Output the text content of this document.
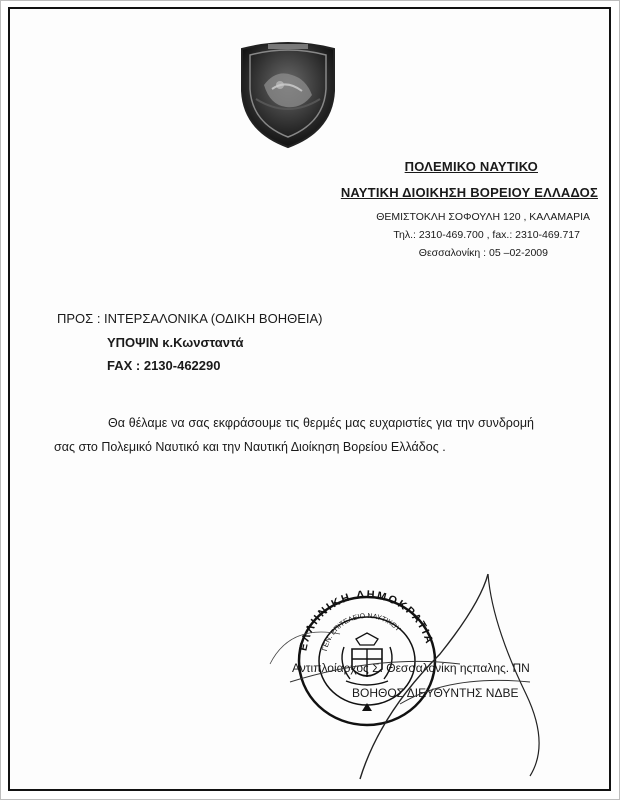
ΠΟΛΕΜΙΚΟ ΝΑΥΤΙΚΟ
ΝΑΥΤΙΚΗ ΔΙΟΙΚΗΣΗ ΒΟΡΕΙΟΥ ΕΛΛΑΔΟΣ
ΘΕΜΙΣΤΟΚΛΗ ΣΟΦΟΥΛΗ 120 , ΚΑΛΑΜΑΡΙΑ
Τηλ.: 2310-469.700 , fax.: 2310-469.717
Θεσσαλονίκη : 05 –02-2009
ΠΡΟΣ : ΙΝΤΕΡΣΑΛΟΝΙΚΑ (ΟΔΙΚΗ ΒΟΗΘΕΙΑ)
ΥΠΟΨΙΝ κ.Κωνσταντά
FAX : 2130-462290
Θα θέλαμε να σας εκφράσουμε τις θερμές μας ευχαριστίες για την συνδρομή σας στο Πολεμικό Ναυτικό και την Ναυτική Διοίκηση Βορείου Ελλάδος .
Αντιπλοίαρχος Σ. Θεσσαλονίκη ηςπαλης. ΠΝ
ΒΟΗΘΟΣ ΔΙΕΥΘΥΝΤΗΣ ΝΔΒΕ
ΕΛΛΗΝΙΚΗ ΔΗΜΟΚΡΑΤΙΑ
ΓΕΝ. ΕΠΙΤΕΛΕΙΟ ΝΑΥΤΙΚΟΥ
